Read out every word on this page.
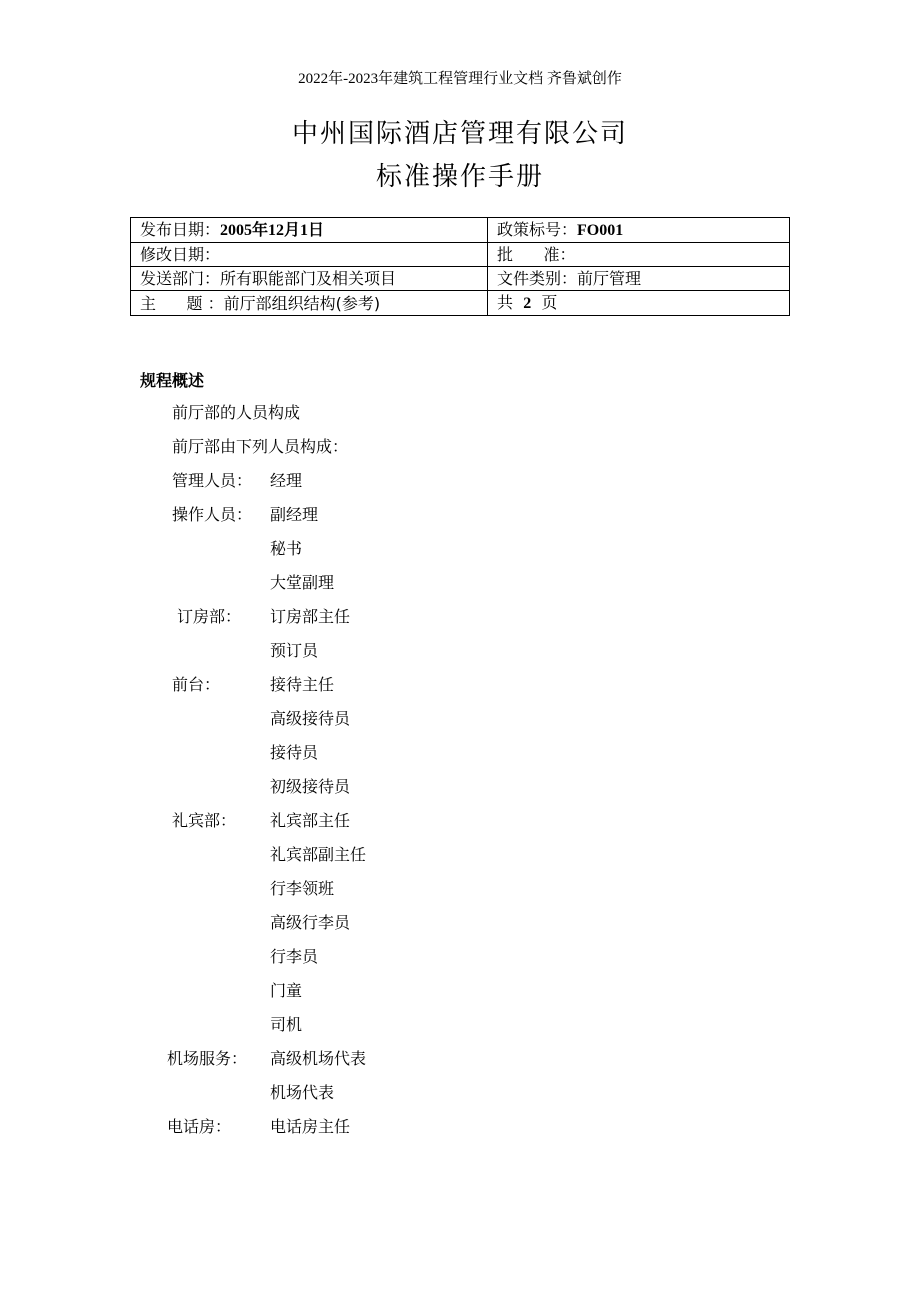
2022年-2023年建筑工程管理行业文档 齐鲁斌创作
中州国际酒店管理有限公司
标准操作手册
发布日期：2005年12月1日	政策标号：FO001
修改日期：	批      准：
发送部门：所有职能部门及相关项目	文件类别：前厅管理
主      题 ：前厅部组织结构(参考)	共  2  页
规程概述
前厅部的人员构成
前厅部由下列人员构成：
管理人员： 经理
操作人员： 副经理
秘书
大堂副理
订房部： 订房部主任
预订员
前台：	接待主任
高级接待员
接待员
初级接待员
礼宾部： 礼宾部主任
礼宾部副主任
行李领班
高级行李员
行李员
门童
司机
机场服务： 高级机场代表
机场代表
电话房： 电话房主任
